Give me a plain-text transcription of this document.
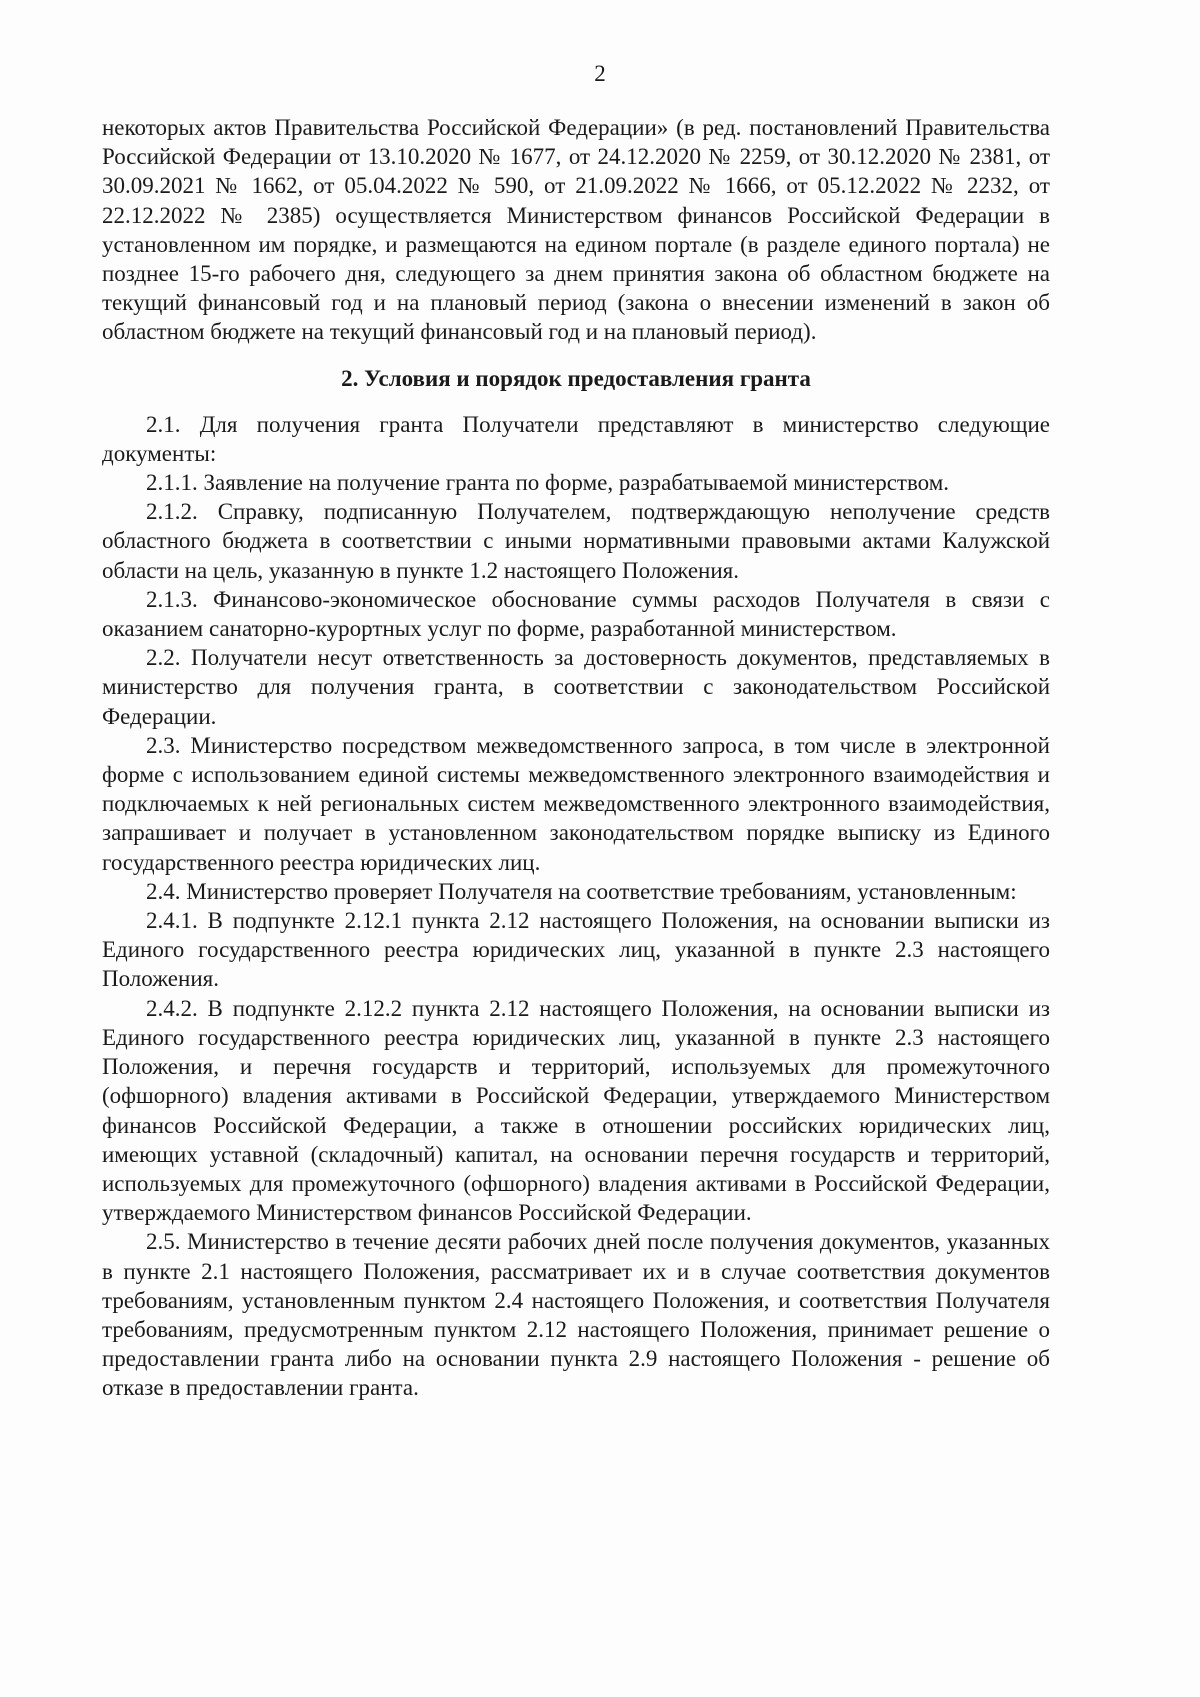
2

некоторых актов Правительства Российской Федерации» (в ред. постановлений Правительства Российской Федерации от 13.10.2020 № 1677, от 24.12.2020 № 2259, от 30.12.2020 № 2381, от 30.09.2021 № 1662, от 05.04.2022 № 590, от 21.09.2022 № 1666, от 05.12.2022 № 2232, от 22.12.2022 № 2385) осуществляется Министерством финансов Российской Федерации в установленном им порядке, и размещаются на едином портале (в разделе единого портала) не позднее 15-го рабочего дня, следующего за днем принятия закона об областном бюджете на текущий финансовый год и на плановый период (закона о внесении изменений в закон об областном бюджете на текущий финансовый год и на плановый период).

2. Условия и порядок предоставления гранта

2.1. Для получения гранта Получатели представляют в министерство следующие документы:

2.1.1. Заявление на получение гранта по форме, разрабатываемой министерством.

2.1.2. Справку, подписанную Получателем, подтверждающую неполучение средств областного бюджета в соответствии с иными нормативными правовыми актами Калужской области на цель, указанную в пункте 1.2 настоящего Положения.

2.1.3. Финансово-экономическое обоснование суммы расходов Получателя в связи с оказанием санаторно-курортных услуг по форме, разработанной министерством.

2.2. Получатели несут ответственность за достоверность документов, представляемых в министерство для получения гранта, в соответствии с законодательством Российской Федерации.

2.3. Министерство посредством межведомственного запроса, в том числе в электронной форме с использованием единой системы межведомственного электронного взаимодействия и подключаемых к ней региональных систем межведомственного электронного взаимодействия, запрашивает и получает в установленном законодательством порядке выписку из Единого государственного реестра юридических лиц.

2.4. Министерство проверяет Получателя на соответствие требованиям, установленным:

2.4.1. В подпункте 2.12.1 пункта 2.12 настоящего Положения, на основании выписки из Единого государственного реестра юридических лиц, указанной в пункте 2.3 настоящего Положения.

2.4.2. В подпункте 2.12.2 пункта 2.12 настоящего Положения, на основании выписки из Единого государственного реестра юридических лиц, указанной в пункте 2.3 настоящего Положения, и перечня государств и территорий, используемых для промежуточного (офшорного) владения активами в Российской Федерации, утверждаемого Министерством финансов Российской Федерации, а также в отношении российских юридических лиц, имеющих уставной (складочный) капитал, на основании перечня государств и территорий, используемых для промежуточного (офшорного) владения активами в Российской Федерации, утверждаемого Министерством финансов Российской Федерации.

2.5. Министерство в течение десяти рабочих дней после получения документов, указанных в пункте 2.1 настоящего Положения, рассматривает их и в случае соответствия документов требованиям, установленным пунктом 2.4 настоящего Положения, и соответствия Получателя требованиям, предусмотренным пунктом 2.12 настоящего Положения, принимает решение о предоставлении гранта либо на основании пункта 2.9 настоящего Положения - решение об отказе в предоставлении гранта.
